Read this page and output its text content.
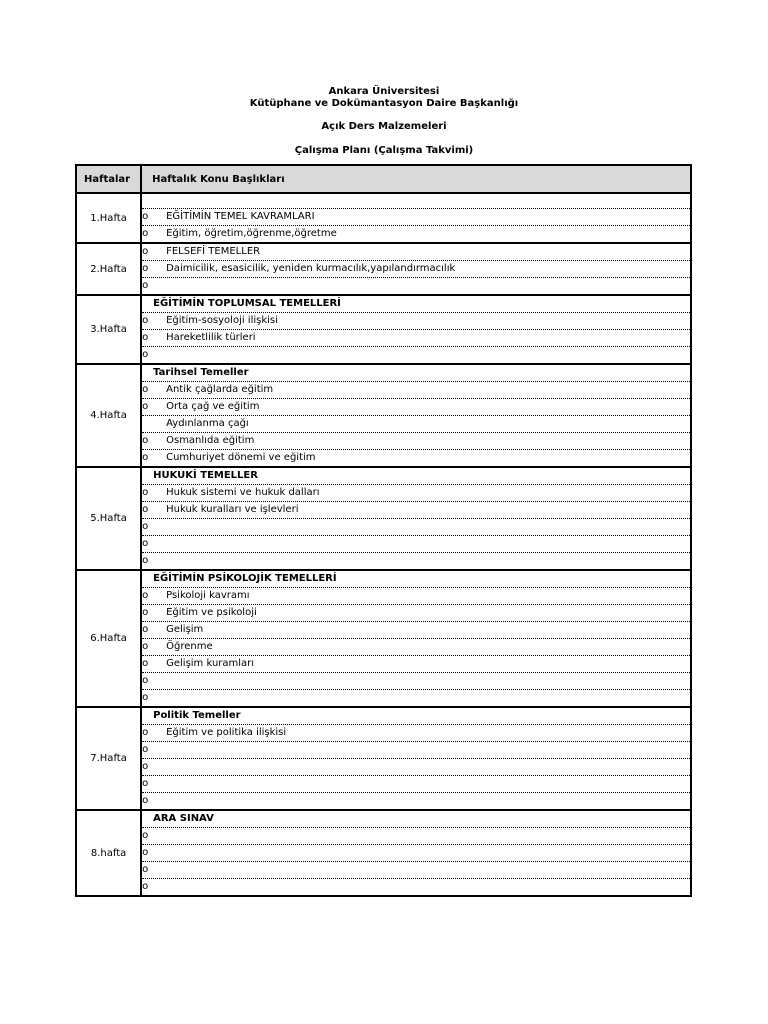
Ankara Üniversitesi
Kütüphane ve Dokümantasyon Daire Başkanlığı
Açık Ders Malzemeleri
Çalışma Planı (Çalışma Takvimi)
Haftalar	Haftalık Konu Başlıkları
1.Hafta	
	o EĞİTİMİN TEMEL KAVRAMLARI
	o Eğitim, öğretim,öğrenme,öğretme
2.Hafta	o FELSEFİ TEMELLER
	o Daimicilik, esasicilik, yeniden kurmacılık,yapılandırmacılık
	o
3.Hafta	EĞİTİMİN TOPLUMSAL TEMELLERİ
	o Eğitim-sosyoloji ilişkisi
	o Hareketlilik türleri
	o
4.Hafta	Tarihsel Temeller
	o Antik çağlarda eğitim
	o Orta çağ ve eğitim
	Aydınlanma çağı
	o Osmanlıda eğitim
	o Cumhuriyet dönemi ve eğitim
5.Hafta	HUKUKİ TEMELLER
	o Hukuk sistemi ve hukuk dalları
	o Hukuk kuralları ve işlevleri
	o
	o
	o
6.Hafta	EĞİTİMİN PSİKOLOJİK TEMELLERİ
	o Psikoloji kavramı
	o Eğitim ve psikoloji
	o Gelişim
	o Öğrenme
	o Gelişim kuramları
	o
	o
7.Hafta	Politik Temeller
	o Eğitim ve politika ilişkisi
	o
	o
	o
	o
8.hafta	ARA SINAV
	o
	o
	o
	o
